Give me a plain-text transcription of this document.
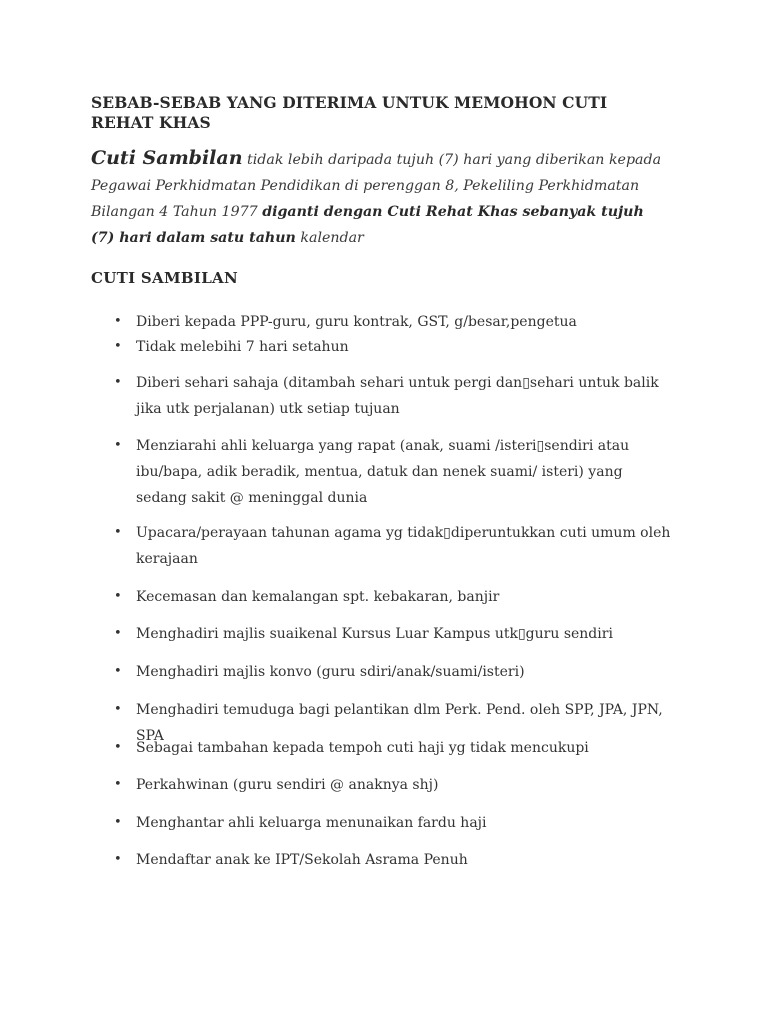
SEBAB-SEBAB YANG DITERIMA UNTUK MEMOHON CUTI REHAT KHAS

Cuti Sambilan tidak lebih daripada tujuh (7) hari yang diberikan kepada Pegawai Perkhidmatan Pendidikan di perenggan 8, Pekeliling Perkhidmatan Bilangan 4 Tahun 1977 diganti dengan Cuti Rehat Khas sebanyak tujuh (7) hari dalam satu tahun kalendar

CUTI SAMBILAN
• Diberi kepada PPP-guru, guru kontrak, GST, g/besar,pengetua
• Tidak melebihi 7 hari setahun
• Diberi sehari sahaja (ditambah sehari untuk pergi dan▯sehari untuk balik jika utk perjalanan) utk setiap tujuan
• Menziarahi ahli keluarga yang rapat (anak, suami /isteri▯sendiri atau ibu/bapa, adik beradik, mentua, datuk dan nenek suami/ isteri) yang sedang sakit @ meninggal dunia
• Upacara/perayaan tahunan agama yg tidak▯diperuntukkan cuti umum oleh kerajaan
• Kecemasan dan kemalangan spt. kebakaran, banjir
• Menghadiri majlis suaikenal Kursus Luar Kampus utk▯guru sendiri
• Menghadiri majlis konvo (guru sdiri/anak/suami/isteri)
• Menghadiri temuduga bagi pelantikan dlm Perk. Pend. oleh SPP, JPA, JPN, SPA
• Sebagai tambahan kepada tempoh cuti haji yg tidak mencukupi
• Perkahwinan (guru sendiri @ anaknya shj)
• Menghantar ahli keluarga menunaikan fardu haji
• Mendaftar anak ke IPT/Sekolah Asrama Penuh
